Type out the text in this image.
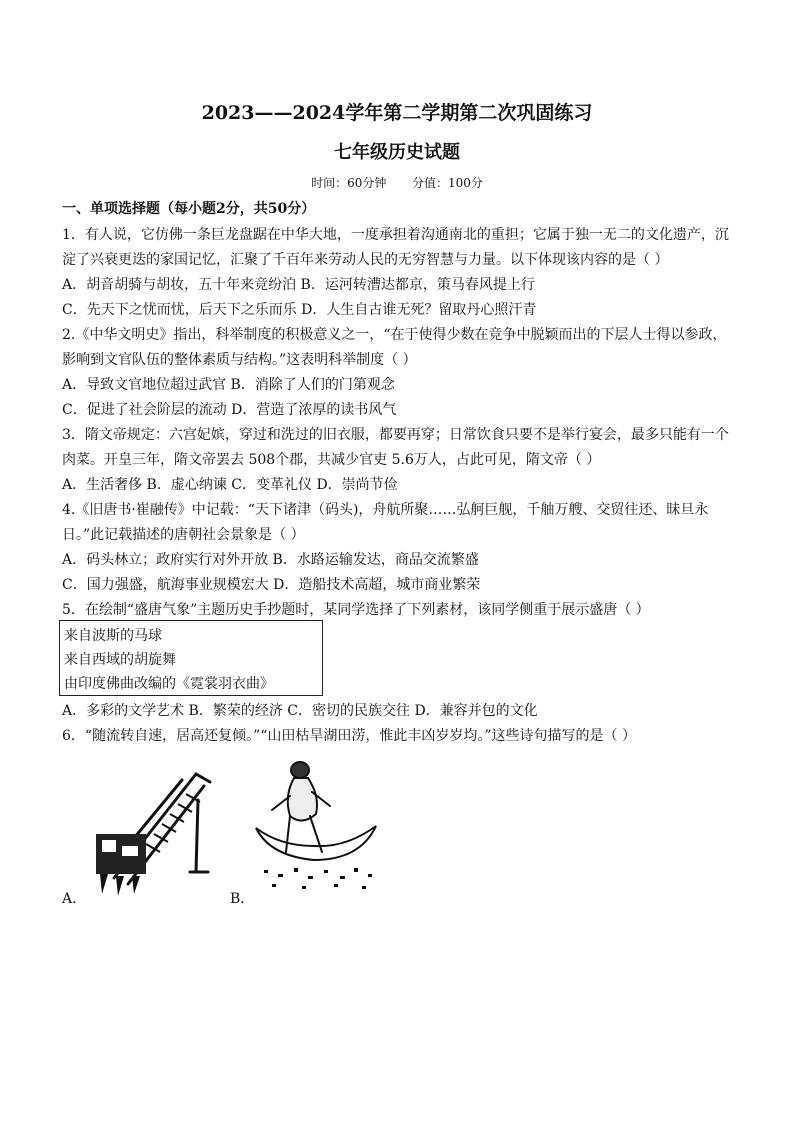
2023——2024学年第二学期第二次巩固练习
七年级历史试题
时间：60分钟 分值：100分
一、单项选择题（每小题2分，共50分）
1．有人说，它仿佛一条巨龙盘踞在中华大地，一度承担着沟通南北的重担；它属于独一无二的文化遗产，沉
淀了兴衰更迭的家国记忆，汇聚了千百年来劳动人民的无穷智慧与力量。以下体现该内容的是（ ）
A．胡音胡骑与胡妆，五十年来竞纷泊 B．运河转漕达都京，策马春风提上行
C．先天下之忧而忧，后天下之乐而乐 D．人生自古谁无死？留取丹心照汗青
2.《中华文明史》指出，科举制度的积极意义之一，“在于使得少数在竞争中脱颖而出的下层人士得以参政，
影响到文官队伍的整体素质与结构。”这表明科举制度（ ）
A．导致文官地位超过武官 B．消除了人们的门第观念
C．促进了社会阶层的流动 D．营造了浓厚的读书风气
3．隋文帝规定：六宫妃嫔，穿过和洗过的旧衣服，都要再穿；日常饮食只要不是举行宴会，最多只能有一个
肉菜。开皇三年，隋文帝罢去 508个郡，共减少官吏 5.6万人，占此可见，隋文帝（ ）
A．生活奢侈 B．虚心纳谏 C．变革礼仪 D．崇尚节俭
4.《旧唐书·崔融传》中记载：“天下诸津（码头)，舟航所聚……弘舸巨舰，千舳万艘、交贸往还、昧旦永
日。”此记载描述的唐朝社会景象是（ ）
A．码头林立；政府实行对外开放 B．水路运输发达，商品交流繁盛
C．国力强盛，航海事业规模宏大 D．造船技术高超，城市商业繁荣
5．在绘制“盛唐气象”主题历史手抄题时，某同学选择了下列素材，该同学侧重于展示盛唐（ ）
来自波斯的马球
来自西域的胡旋舞
由印度佛曲改编的《霓裳羽衣曲》
A．多彩的文学艺术 B．繁荣的经济 C．密切的民族交往 D．兼容并包的文化
6．“随流转自速，居高还复倾。”“山田枯旱湖田涝，惟此丰凶岁岁均。”这些诗句描写的是（ ）
A．	B．
